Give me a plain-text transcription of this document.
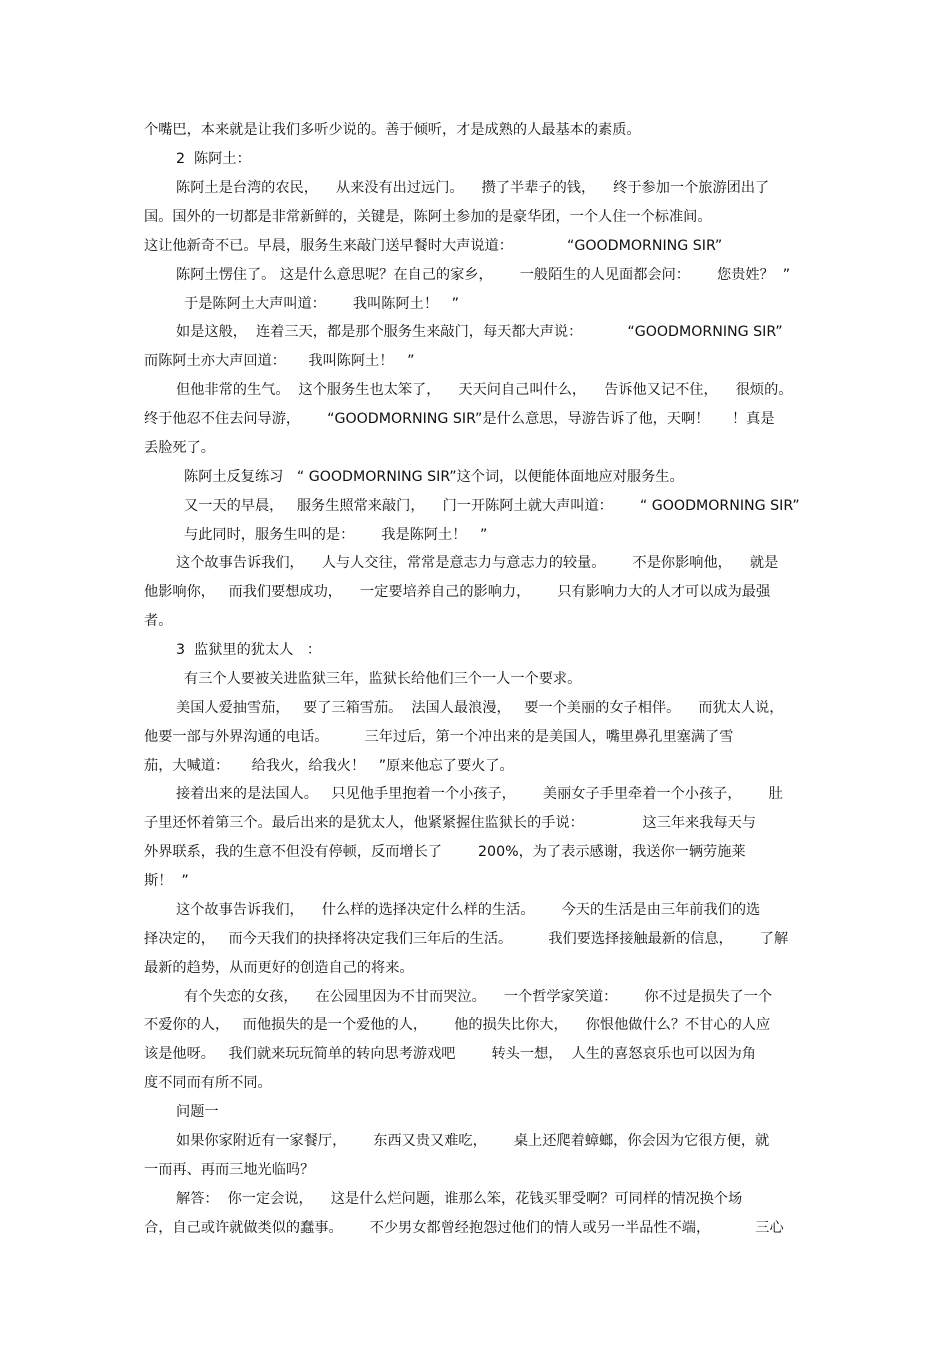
个嘴巴，本来就是让我们多听少说的。善于倾听，才是成熟的人最基本的素质。

2  陈阿土：

陈阿土是台湾的农民，    从来没有出过远门。    攒了半辈子的钱，    终于参加一个旅游团出了

国。国外的一切都是非常新鲜的，关键是，陈阿土参加的是豪华团，一个人住一个标准间。

这让他新奇不已。早晨，服务生来敲门送早餐时大声说道：            “GOODMORNING SIR”

陈阿土愣住了。 这是什么意思呢？在自己的家乡，      一般陌生的人见面都会问：      您贵姓？  ”

于是陈阿土大声叫道：      我叫陈阿土！   ”

如是这般，  连着三天，都是那个服务生来敲门，每天都大声说：          “GOODMORNING SIR”

而陈阿土亦大声回道：     我叫陈阿土！   ”

但他非常的生气。  这个服务生也太笨了，    天天问自己叫什么，    告诉他又记不住，    很烦的。

终于他忍不住去问导游，      “GOODMORNING SIR”是什么意思，导游告诉了他，天啊！     ！真是

丢脸死了。

陈阿土反复练习   “ GOODMORNING SIR”这个词，以便能体面地应对服务生。

又一天的早晨，   服务生照常来敲门，    门一开陈阿土就大声叫道：      “ GOODMORNING SIR”

与此同时，服务生叫的是：      我是陈阿土！   ”

这个故事告诉我们，    人与人交往，常常是意志力与意志力的较量。      不是你影响他，    就是

他影响你，   而我们要想成功，    一定要培养自己的影响力，      只有影响力大的人才可以成为最强

者。

3  监狱里的犹太人   ：

有三个人要被关进监狱三年，监狱长给他们三个一人一个要求。

美国人爱抽雪茄，   要了三箱雪茄。  法国人最浪漫，   要一个美丽的女子相伴。    而犹太人说，

他要一部与外界沟通的电话。        三年过后，第一个冲出来的是美国人，嘴里鼻孔里塞满了雪

茄，大喊道：     给我火，给我火！   ”原来他忘了要火了。

接着出来的是法国人。   只见他手里抱着一个小孩子，      美丽女子手里牵着一个小孩子，      肚

子里还怀着第三个。最后出来的是犹太人，他紧紧握住监狱长的手说：             这三年来我每天与

外界联系，我的生意不但没有停顿，反而增长了        200%，为了表示感谢，我送你一辆劳施莱

斯！  ”

这个故事告诉我们，    什么样的选择决定什么样的生活。      今天的生活是由三年前我们的选

择决定的，   而今天我们的抉择将决定我们三年后的生活。        我们要选择接触最新的信息，      了解

最新的趋势，从而更好的创造自己的将来。

有个失恋的女孩，    在公园里因为不甘而哭泣。    一个哲学家笑道：      你不过是损失了一个

不爱你的人，   而他损失的是一个爱他的人，      他的损失比你大，    你恨他做什么？不甘心的人应

该是他呀。   我们就来玩玩简单的转向思考游戏吧        转头一想，  人生的喜怒哀乐也可以因为角

度不同而有所不同。

问题一

如果你家附近有一家餐厅，      东西又贵又难吃，      桌上还爬着蟑螂，你会因为它很方便，就

一而再、再而三地光临吗？

解答：  你一定会说，    这是什么烂问题，谁那么笨，花钱买罪受啊？可同样的情况换个场

合，自己或许就做类似的蠢事。      不少男女都曾经抱怨过他们的情人或另一半品性不端，          三心
